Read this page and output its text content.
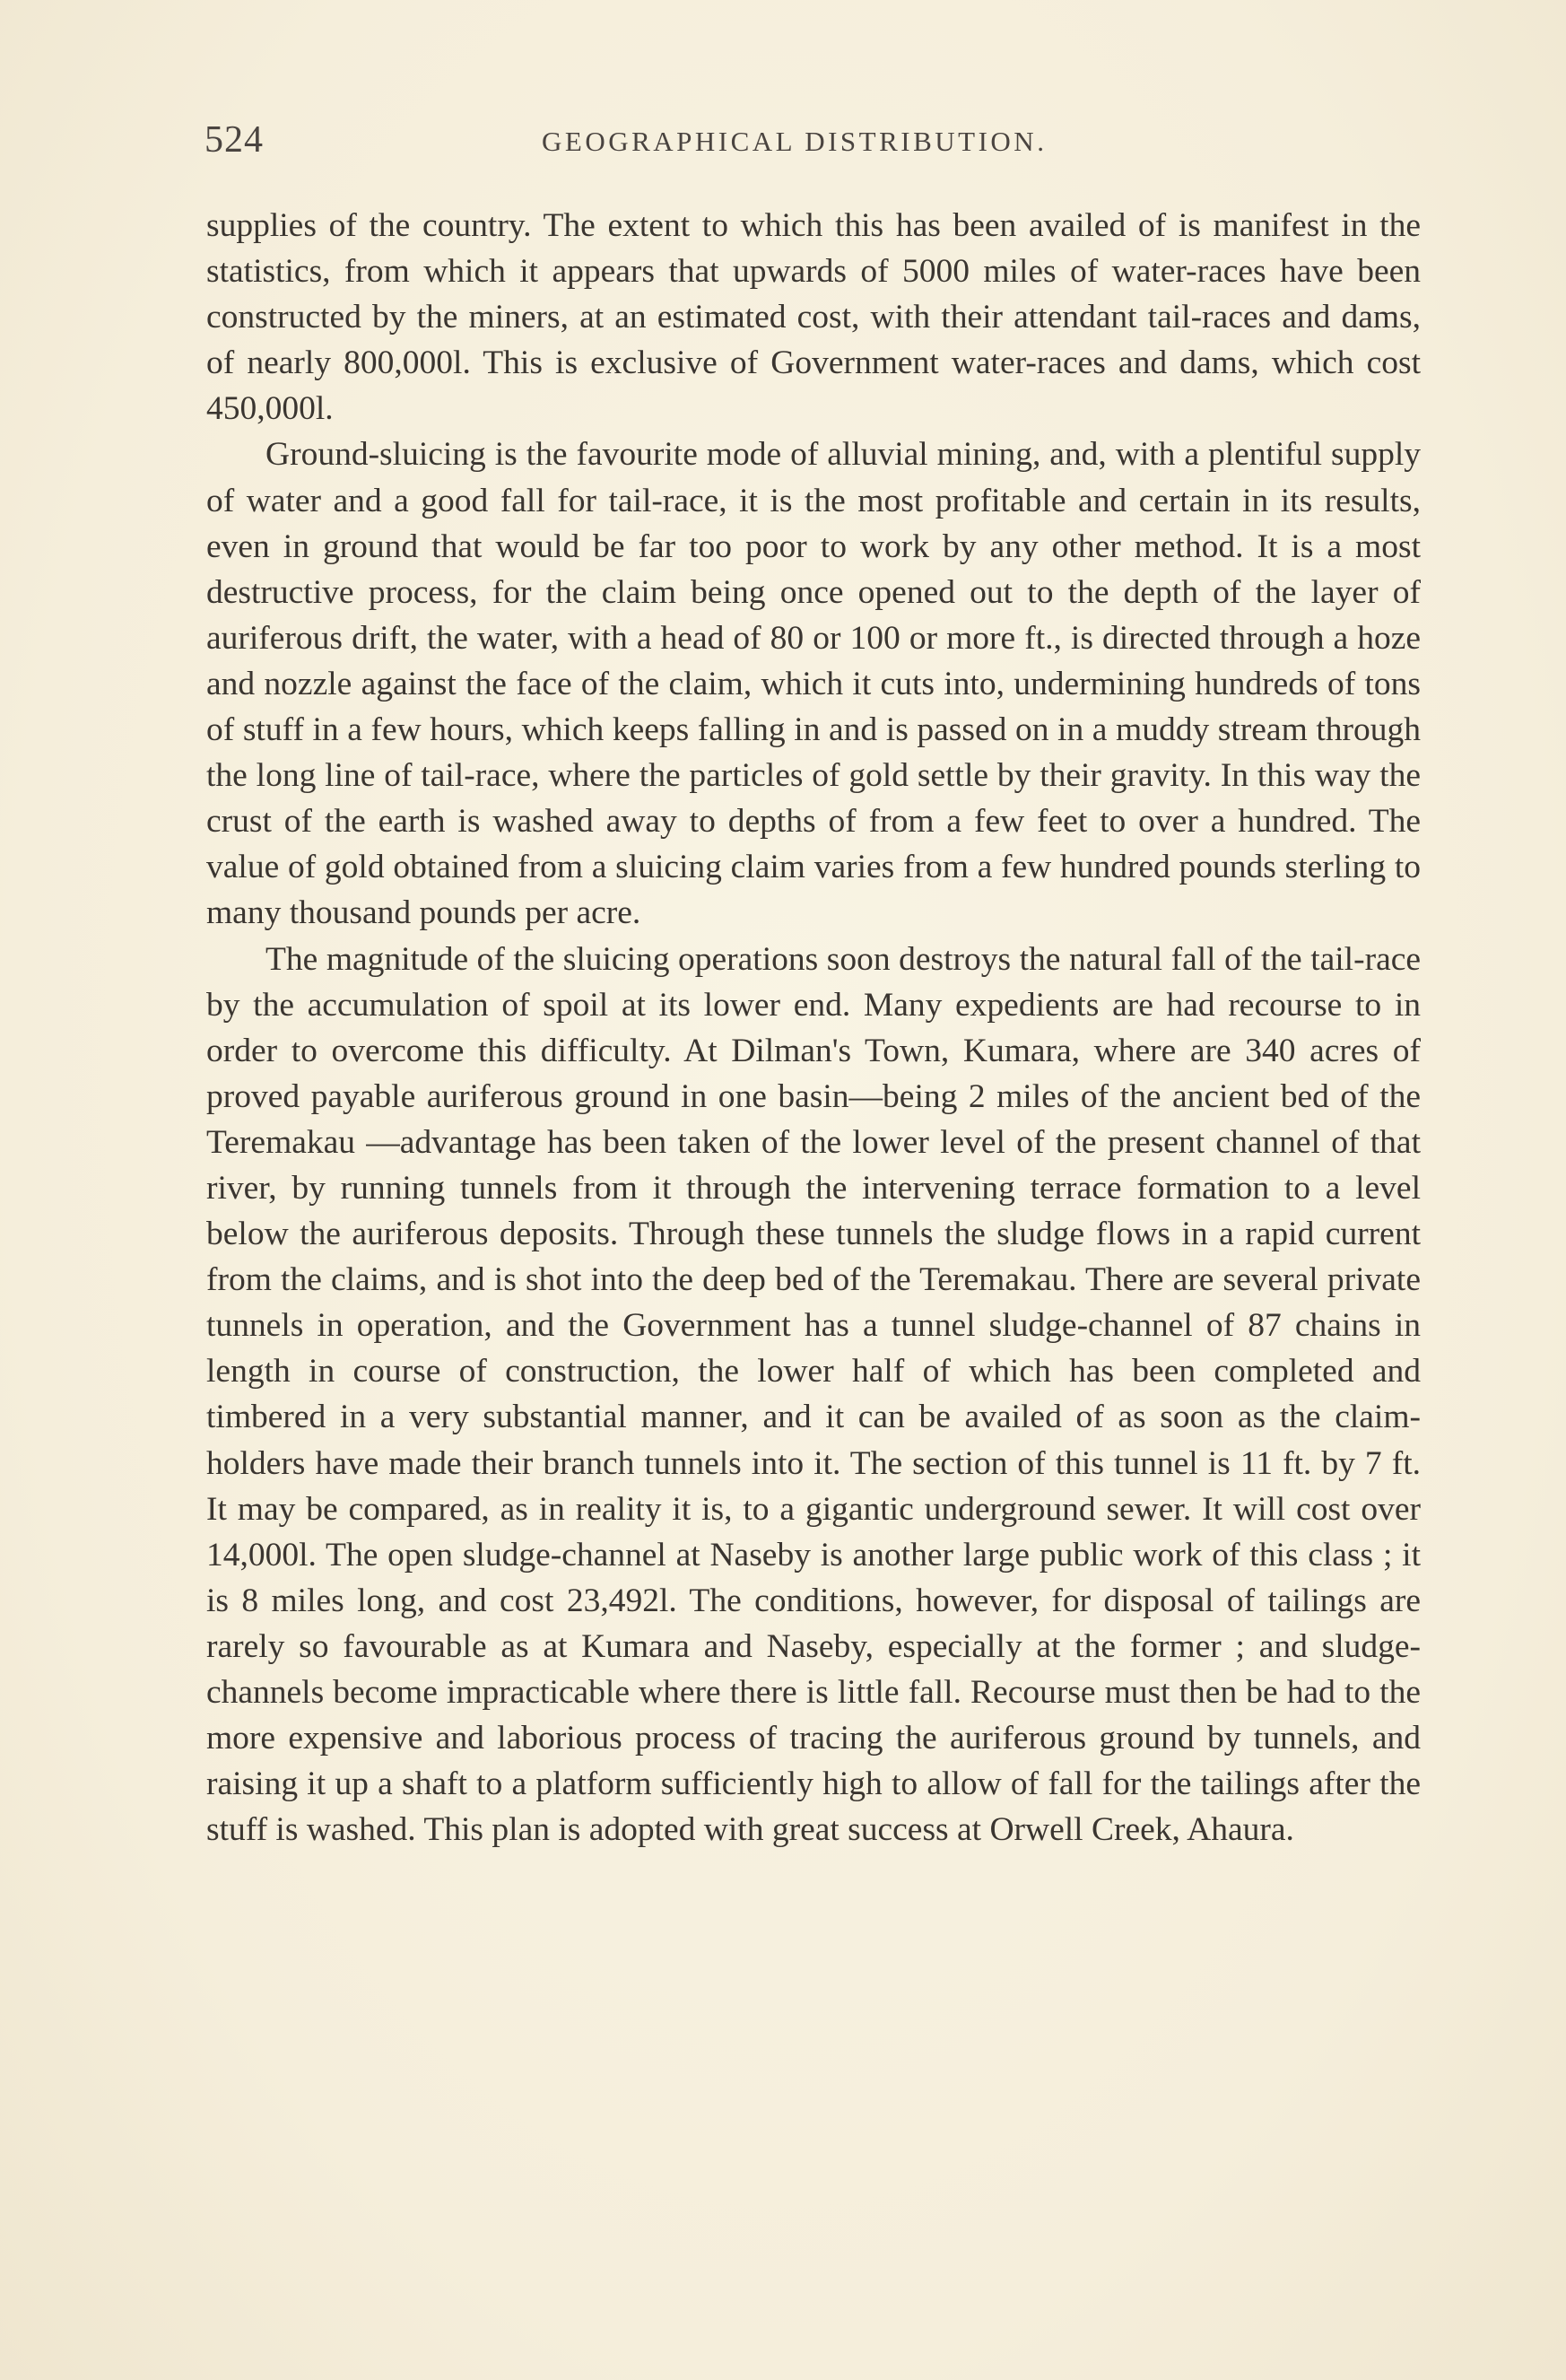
524	GEOGRAPHICAL DISTRIBUTION.

supplies of the country. The extent to which this has been availed of is manifest in the statistics, from which it appears that upwards of 5000 miles of water-races have been constructed by the miners, at an estimated cost, with their attendant tail-races and dams, of nearly 800,000l. This is exclusive of Government water-races and dams, which cost 450,000l.

Ground-sluicing is the favourite mode of alluvial mining, and, with a plentiful supply of water and a good fall for tail-race, it is the most profitable and certain in its results, even in ground that would be far too poor to work by any other method. It is a most destructive process, for the claim being once opened out to the depth of the layer of auriferous drift, the water, with a head of 80 or 100 or more ft., is directed through a hoze and nozzle against the face of the claim, which it cuts into, undermining hundreds of tons of stuff in a few hours, which keeps falling in and is passed on in a muddy stream through the long line of tail-race, where the particles of gold settle by their gravity. In this way the crust of the earth is washed away to depths of from a few feet to over a hundred. The value of gold obtained from a sluicing claim varies from a few hundred pounds sterling to many thousand pounds per acre.

The magnitude of the sluicing operations soon destroys the natural fall of the tail-race by the accumulation of spoil at its lower end. Many expedients are had recourse to in order to overcome this difficulty. At Dilman's Town, Kumara, where are 340 acres of proved payable auriferous ground in one basin—being 2 miles of the ancient bed of the Teremakau —advantage has been taken of the lower level of the present channel of that river, by running tunnels from it through the intervening terrace formation to a level below the auriferous deposits. Through these tunnels the sludge flows in a rapid current from the claims, and is shot into the deep bed of the Teremakau. There are several private tunnels in operation, and the Government has a tunnel sludge-channel of 87 chains in length in course of construction, the lower half of which has been completed and timbered in a very substantial manner, and it can be availed of as soon as the claim-holders have made their branch tunnels into it. The section of this tunnel is 11 ft. by 7 ft. It may be compared, as in reality it is, to a gigantic underground sewer. It will cost over 14,000l. The open sludge-channel at Naseby is another large public work of this class ; it is 8 miles long, and cost 23,492l. The conditions, however, for disposal of tailings are rarely so favourable as at Kumara and Naseby, especially at the former ; and sludge-channels become impracticable where there is little fall. Recourse must then be had to the more expensive and laborious process of tracing the auriferous ground by tunnels, and raising it up a shaft to a platform sufficiently high to allow of fall for the tailings after the stuff is washed. This plan is adopted with great success at Orwell Creek, Ahaura.
